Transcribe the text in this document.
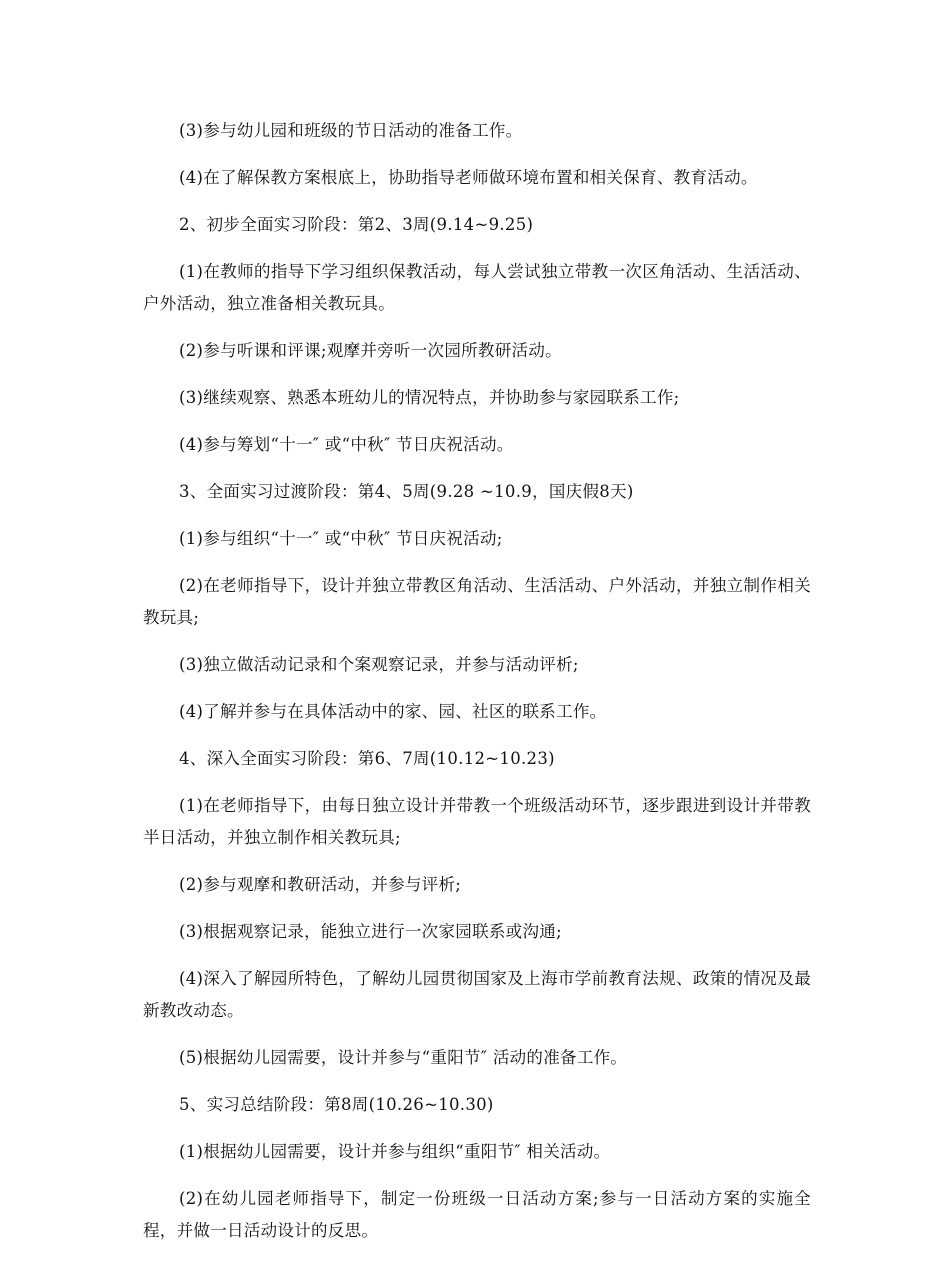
(3)参与幼儿园和班级的节日活动的准备工作。

(4)在了解保教方案根底上，协助指导老师做环境布置和相关保育、教育活动。

2、初步全面实习阶段：第2、3周(9.14~9.25)

(1)在教师的指导下学习组织保教活动，每人尝试独立带教一次区角活动、生活活动、户外活动，独立准备相关教玩具。

(2)参与听课和评课;观摩并旁听一次园所教研活动。

(3)继续观察、熟悉本班幼儿的情况特点，并协助参与家园联系工作;

(4)参与筹划“十一″ 或“中秋″ 节日庆祝活动。

3、全面实习过渡阶段：第4、5周(9.28 ~10.9，国庆假8天)

(1)参与组织“十一″ 或“中秋″ 节日庆祝活动;

(2)在老师指导下，设计并独立带教区角活动、生活活动、户外活动，并独立制作相关教玩具;

(3)独立做活动记录和个案观察记录，并参与活动评析;

(4)了解并参与在具体活动中的家、园、社区的联系工作。

4、深入全面实习阶段：第6、7周(10.12~10.23)

(1)在老师指导下，由每日独立设计并带教一个班级活动环节，逐步跟进到设计并带教半日活动，并独立制作相关教玩具;

(2)参与观摩和教研活动，并参与评析;

(3)根据观察记录，能独立进行一次家园联系或沟通;

(4)深入了解园所特色，了解幼儿园贯彻国家及上海市学前教育法规、政策的情况及最新教改动态。

(5)根据幼儿园需要，设计并参与“重阳节″ 活动的准备工作。

5、实习总结阶段：第8周(10.26~10.30)

(1)根据幼儿园需要，设计并参与组织“重阳节″ 相关活动。

(2)在幼儿园老师指导下，制定一份班级一日活动方案;参与一日活动方案的实施全程，并做一日活动设计的反思。
